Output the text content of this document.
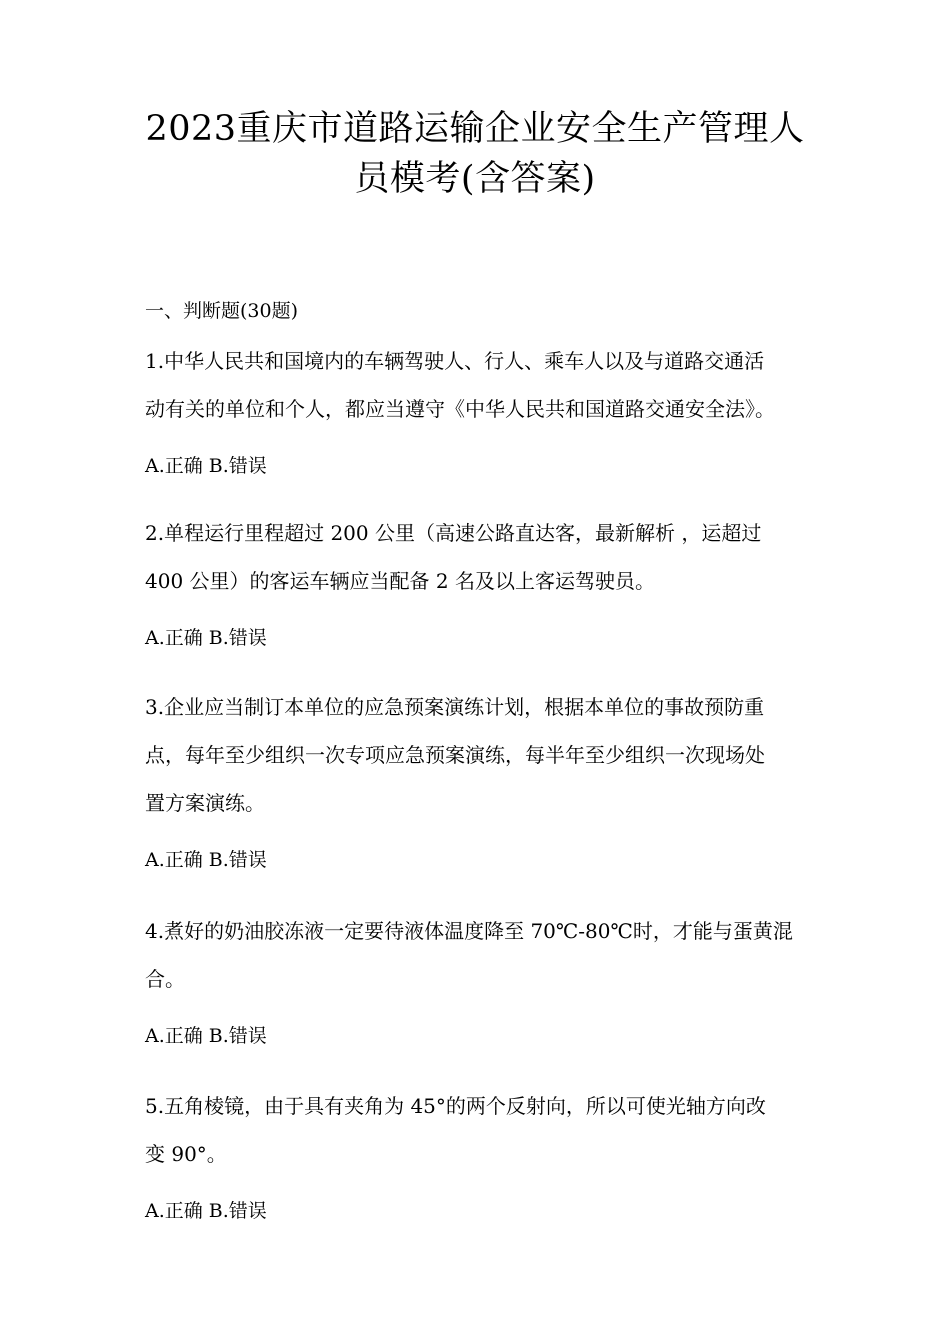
2023重庆市道路运输企业安全生产管理人
员模考(含答案)
一、判断题(30题)
1.中华人民共和国境内的车辆驾驶人、行人、乘车人以及与道路交通活
动有关的单位和个人，都应当遵守《中华人民共和国道路交通安全法》。
A.正确 B.错误
2.单程运行里程超过 200 公里（高速公路直达客，最新解析 ，运超过
400 公里）的客运车辆应当配备 2 名及以上客运驾驶员。
A.正确 B.错误
3.企业应当制订本单位的应急预案演练计划，根据本单位的事故预防重
点，每年至少组织一次专项应急预案演练，每半年至少组织一次现场处
置方案演练。
A.正确 B.错误
4.煮好的奶油胶冻液一定要待液体温度降至 70℃-80℃时，才能与蛋黄混
合。
A.正确 B.错误
5.五角棱镜，由于具有夹角为 45°的两个反射向，所以可使光轴方向改
变 90°。
A.正确 B.错误
